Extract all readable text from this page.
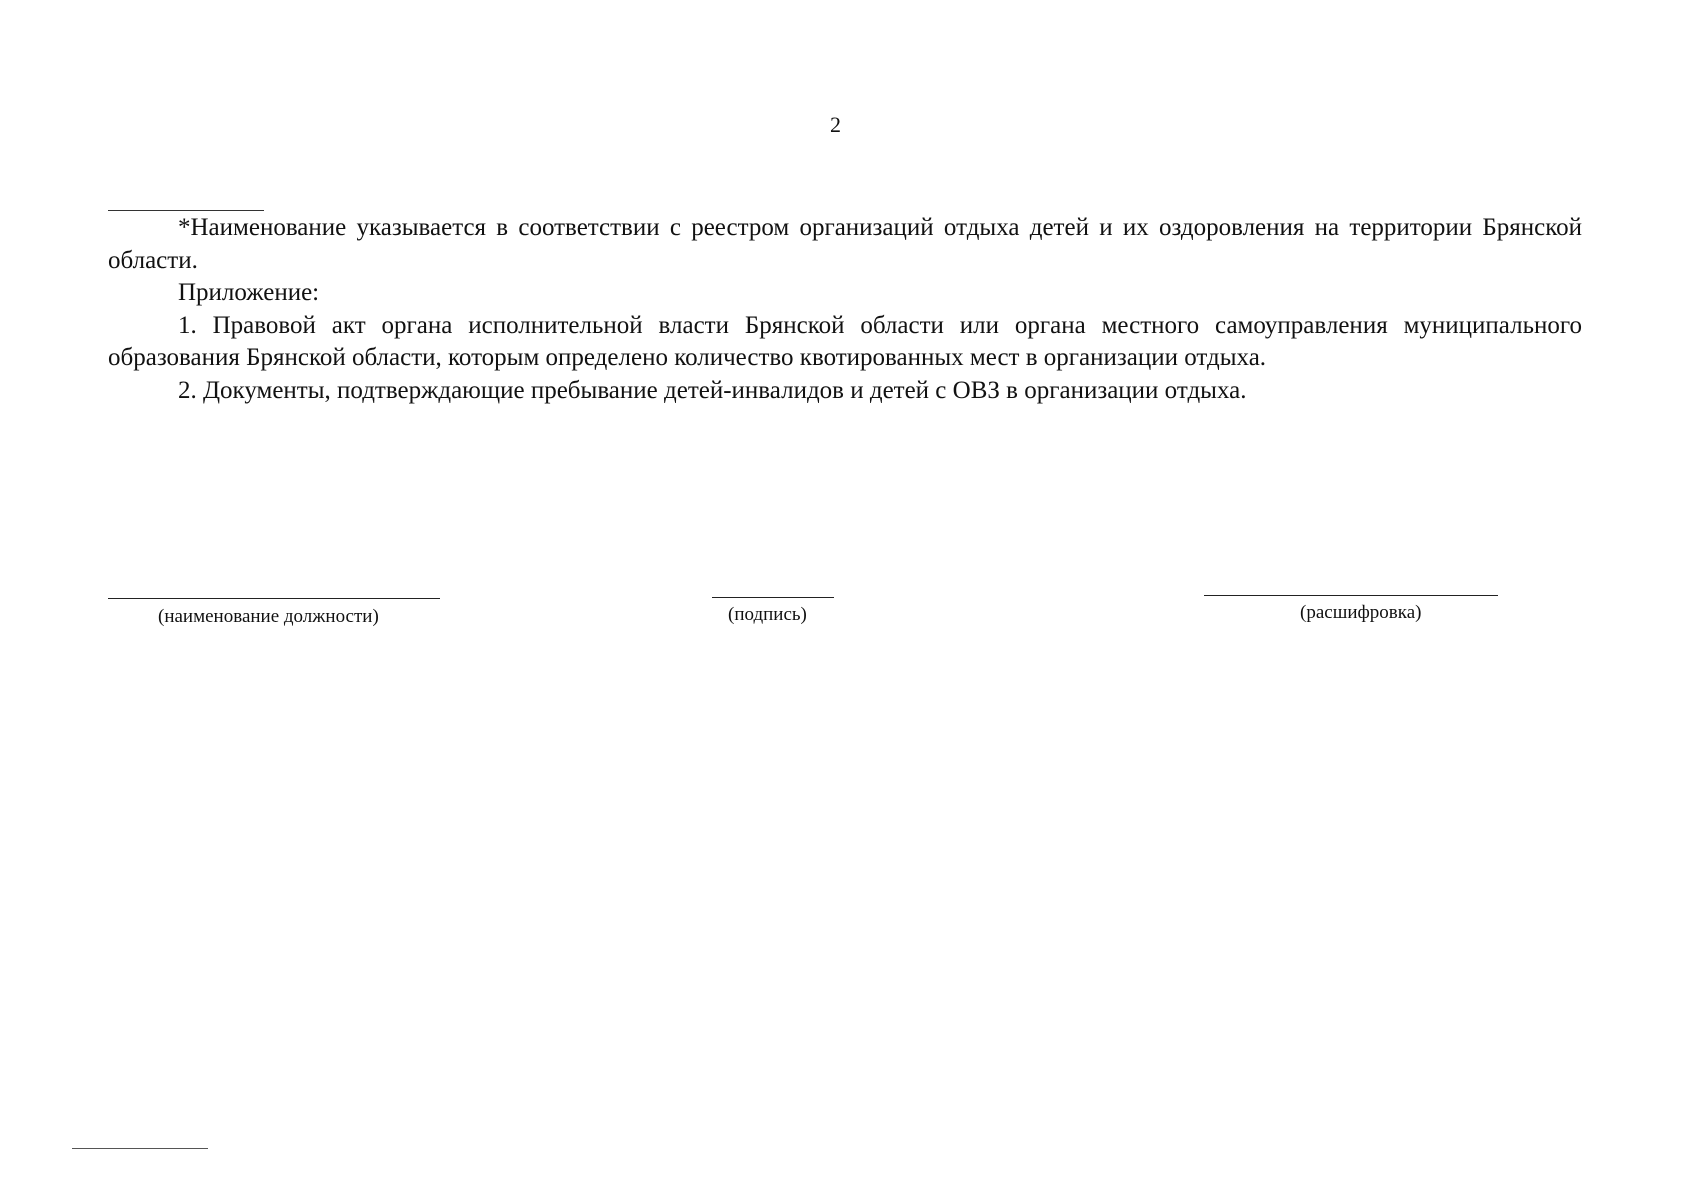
2

*Наименование указывается в соответствии с реестром организаций отдыха детей и их оздоровления на территории Брянской области.

Приложение:

1. Правовой акт органа исполнительной власти Брянской области или органа местного самоуправления муниципального образования Брянской области, которым определено количество квотированных мест в организации отдыха.

2. Документы, подтверждающие пребывание детей-инвалидов и детей с ОВЗ в организации отдыха.

(наименование должности)	(подпись)	(расшифровка)
